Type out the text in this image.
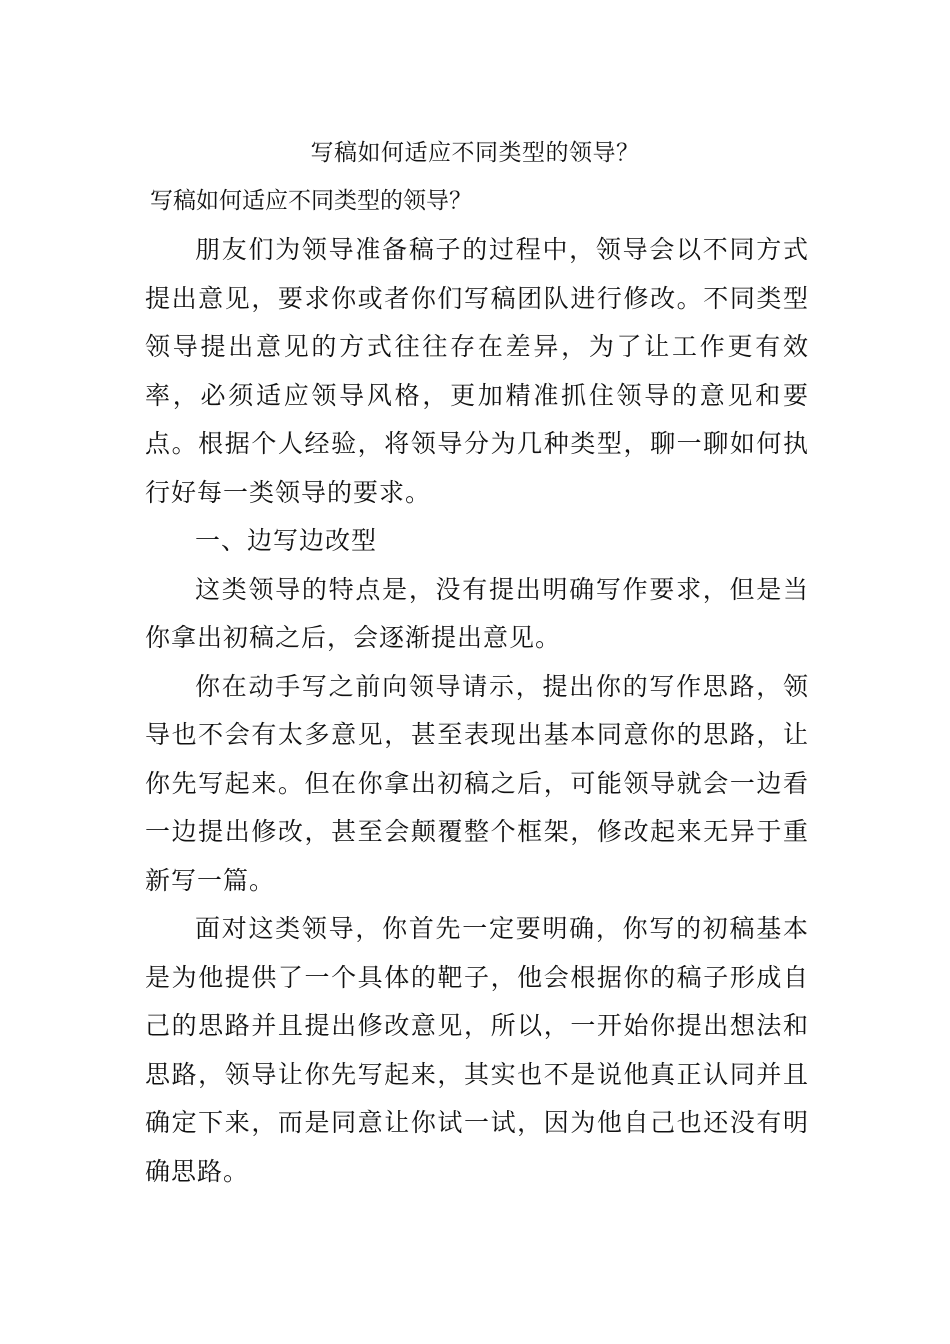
写稿如何适应不同类型的领导？
写稿如何适应不同类型的领导？

朋友们为领导准备稿子的过程中，领导会以不同方式提出意见，要求你或者你们写稿团队进行修改。不同类型领导提出意见的方式往往存在差异，为了让工作更有效率，必须适应领导风格，更加精准抓住领导的意见和要点。根据个人经验，将领导分为几种类型，聊一聊如何执行好每一类领导的要求。

一、边写边改型

这类领导的特点是，没有提出明确写作要求，但是当你拿出初稿之后，会逐渐提出意见。

你在动手写之前向领导请示，提出你的写作思路，领导也不会有太多意见，甚至表现出基本同意你的思路，让你先写起来。但在你拿出初稿之后，可能领导就会一边看一边提出修改，甚至会颠覆整个框架，修改起来无异于重新写一篇。

面对这类领导，你首先一定要明确，你写的初稿基本是为他提供了一个具体的靶子，他会根据你的稿子形成自己的思路并且提出修改意见，所以，一开始你提出想法和思路，领导让你先写起来，其实也不是说他真正认同并且确定下来，而是同意让你试一试，因为他自己也还没有明确思路。
